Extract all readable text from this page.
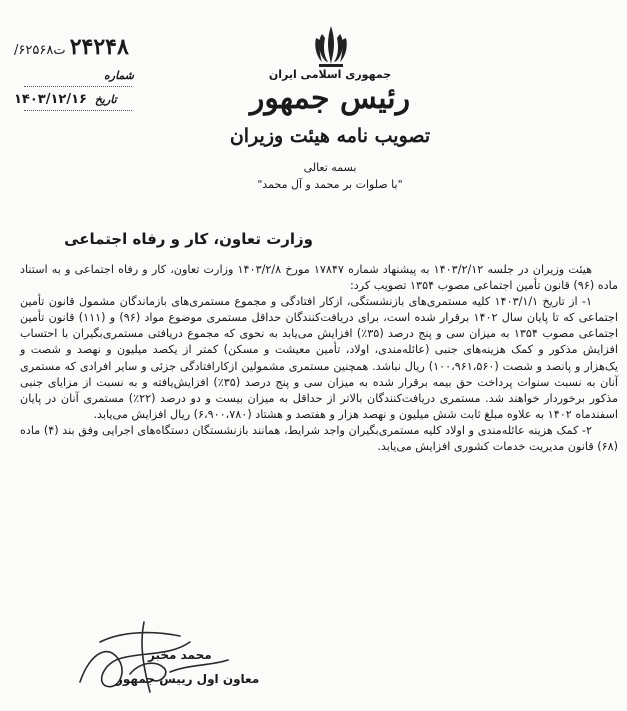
۲۴۲۴۸ ت۶۲۵۶۸/
شماره
تاریخ ۱۴۰۳/۱۲/۱۶
جمهوری اسلامی ایران
رئیس جمهور
تصویب نامه هیئت وزیران
بسمه تعالی
"با صلوات بر محمد و آل محمد"
وزارت تعاون، کار و رفاه اجتماعی

هیئت وزیران در جلسه ۱۴۰۳/۲/۱۲ به پیشنهاد شماره ۱۷۸۴۷ مورخ ۱۴۰۳/۲/۸ وزارت تعاون، کار و رفاه اجتماعی و به استناد ماده (۹۶) قانون تأمین اجتماعی مصوب ۱۳۵۴ تصویب کرد:

۱- از تاریخ ۱۴۰۳/۱/۱ کلیه مستمری‌های بازنشستگی، ازکار افتادگی و مجموع مستمری‌های بازماندگان مشمول قانون تأمین اجتماعی که تا پایان سال ۱۴۰۲ برقرار شده است، برای دریافت‌کنندگان حداقل مستمری موضوع مواد (۹۶) و (۱۱۱) قانون تأمین اجتماعی مصوب ۱۳۵۴ به میزان سی و پنج درصد (۳۵٪) افزایش می‌یابد به نحوی که مجموع دریافتی مستمری‌بگیران با احتساب افزایش مذکور و کمک هزینه‌های جنبی (عائله‌مندی، اولاد، تأمین معیشت و مسکن) کمتر از یکصد میلیون و نهصد و شصت و یک‌هزار و پانصد و شصت (۱۰۰،۹۶۱،۵۶۰) ریال نباشد. همچنین مستمری مشمولین ازکارافتادگی جزئی و سایر افرادی که مستمری آنان به نسبت سنوات پرداخت حق بیمه برقرار شده به میزان سی و پنج درصد (۳۵٪) افزایش‌یافته و به نسبت از مزایای جنبی مذکور برخوردار خواهند شد. مستمری دریافت‌کنندگان بالاتر از حداقل به میزان بیست و دو درصد (۲۲٪) مستمری آنان در پایان اسفندماه ۱۴۰۲ به علاوه مبلغ ثابت شش میلیون و نهصد هزار و هفتصد و هشتاد (۶،۹۰۰،۷۸۰) ریال افزایش می‌یابد.

۲- کمک هزینه عائله‌مندی و اولاد کلیه مستمری‌بگیران واجد شرایط، همانند بازنشستگان دستگاه‌های اجرایی وفق بند (۴) ماده (۶۸) قانون مدیریت خدمات کشوری افزایش می‌یابد.

محمد مخبر
معاون اول رییس جمهور
